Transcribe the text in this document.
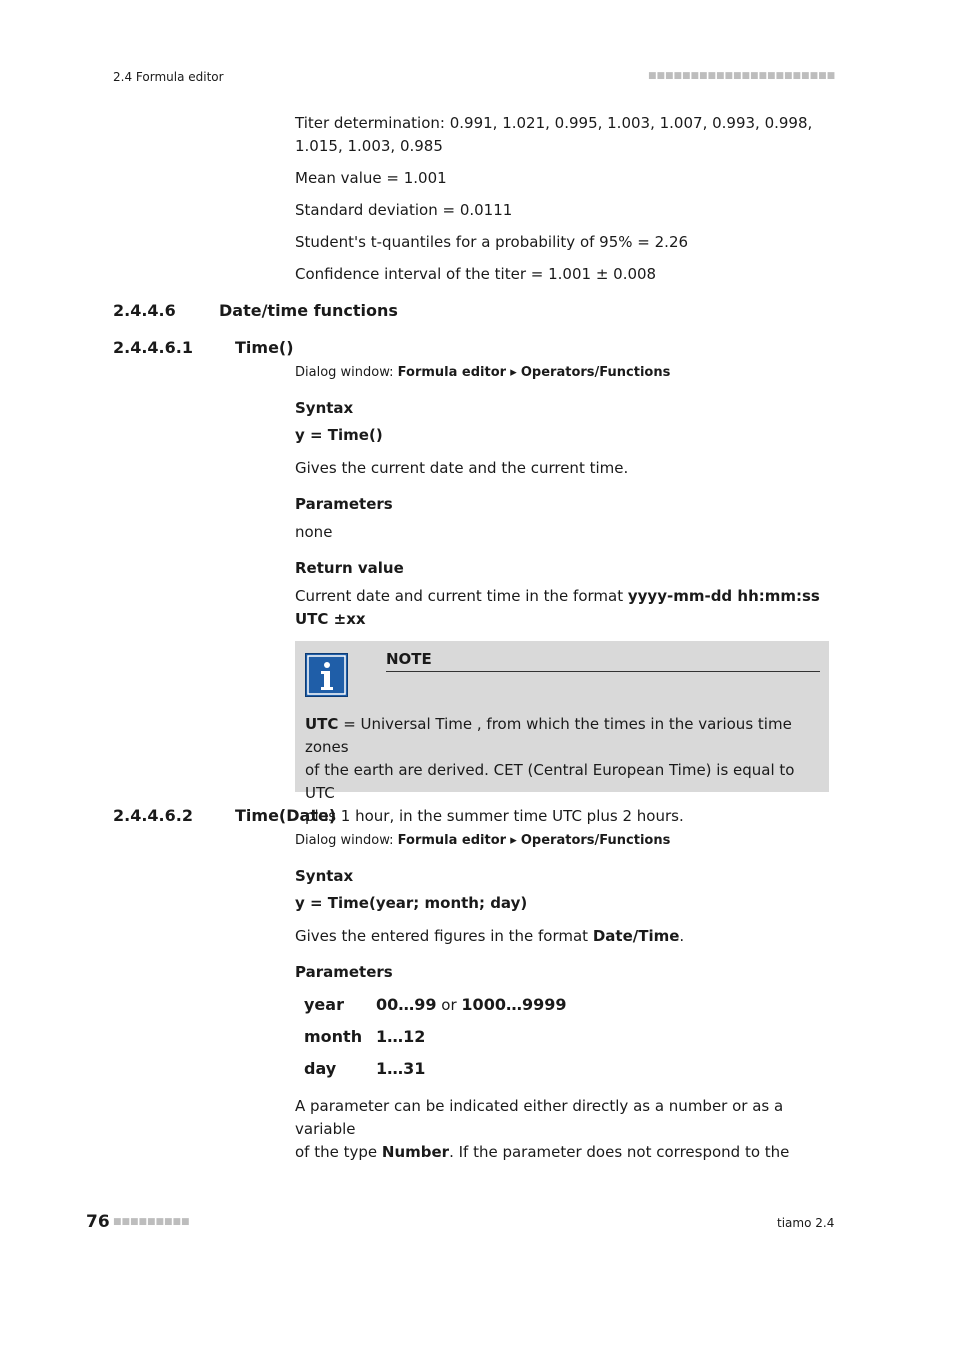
2.4 Formula editor	■■■■■■■■■■■■■■■■■■■■■■
Titer determination: 0.991, 1.021, 0.995, 1.003, 1.007, 0.993, 0.998,
1.015, 1.003, 0.985
Mean value = 1.001
Standard deviation = 0.0111
Student's t-quantiles for a probability of 95% = 2.26
Confidence interval of the titer = 1.001 ± 0.008
2.4.4.6	Date/time functions
2.4.4.6.1	Time()
Dialog window: Formula editor ▸ Operators/Functions
Syntax
y = Time()
Gives the current date and the current time.
Parameters
none
Return value
Current date and current time in the format yyyy-mm-dd hh:mm:ss
UTC ±xx
NOTE
UTC = Universal Time , from which the times in the various time zones
of the earth are derived. CET (Central European Time) is equal to UTC
plus 1 hour, in the summer time UTC plus 2 hours.
2.4.4.6.2	Time(Date)
Dialog window: Formula editor ▸ Operators/Functions
Syntax
y = Time(year; month; day)
Gives the entered figures in the format Date/Time.
Parameters
year	00…99 or 1000…9999
month	1…12
day	1…31
A parameter can be indicated either directly as a number or as a variable
of the type Number. If the parameter does not correspond to the
76 ■■■■■■■■■	tiamo 2.4
